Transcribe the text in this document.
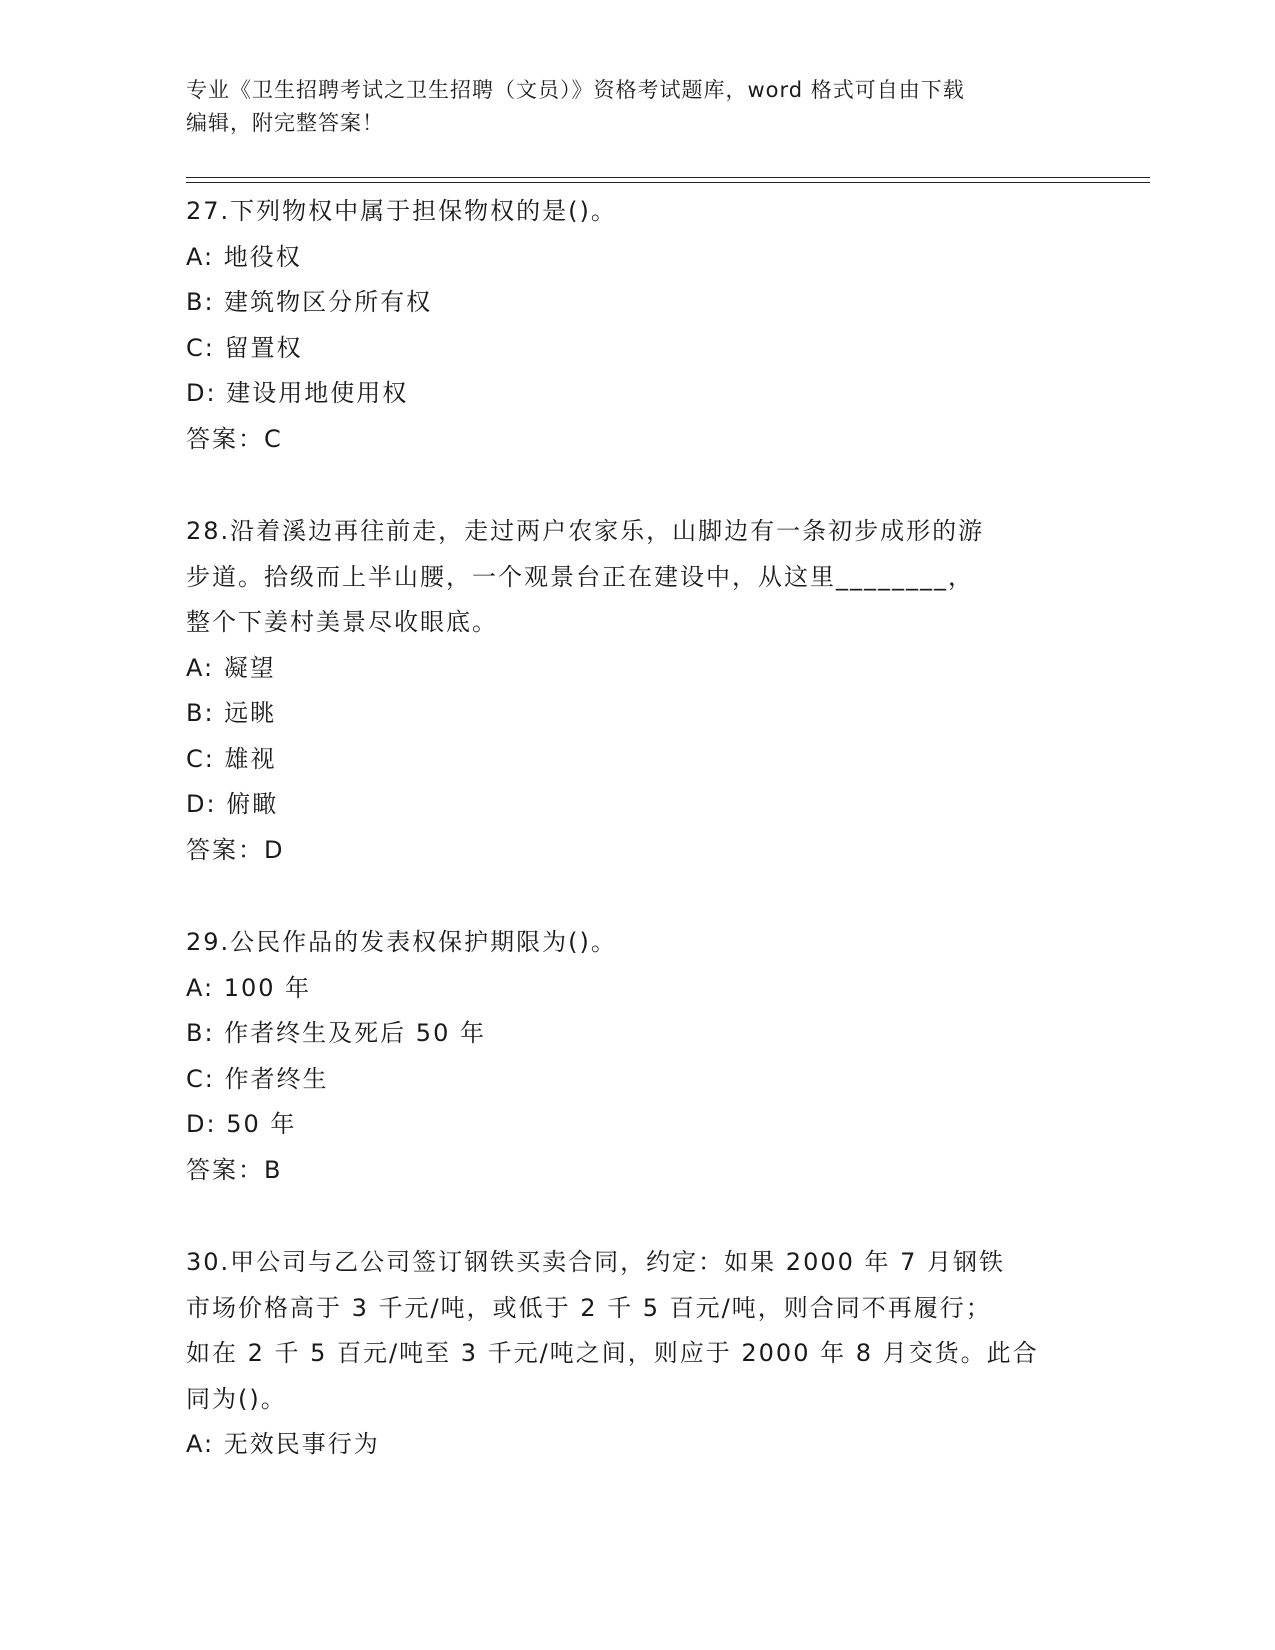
专业《卫生招聘考试之卫生招聘（文员）》资格考试题库，word 格式可自由下载
编辑，附完整答案！
27.下列物权中属于担保物权的是()。
A: 地役权
B: 建筑物区分所有权
C: 留置权
D: 建设用地使用权
答案：C
28.沿着溪边再往前走，走过两户农家乐，山脚边有一条初步成形的游
步道。拾级而上半山腰，一个观景台正在建设中，从这里________，
整个下姜村美景尽收眼底。
A: 凝望
B: 远眺
C: 雄视
D: 俯瞰
答案：D
29.公民作品的发表权保护期限为()。
A: 100 年
B: 作者终生及死后 50 年
C: 作者终生
D: 50 年
答案：B
30.甲公司与乙公司签订钢铁买卖合同，约定：如果 2000 年 7 月钢铁
市场价格高于 3 千元/吨，或低于 2 千 5 百元/吨，则合同不再履行；
如在 2 千 5 百元/吨至 3 千元/吨之间，则应于 2000 年 8 月交货。此合
同为()。
A: 无效民事行为
